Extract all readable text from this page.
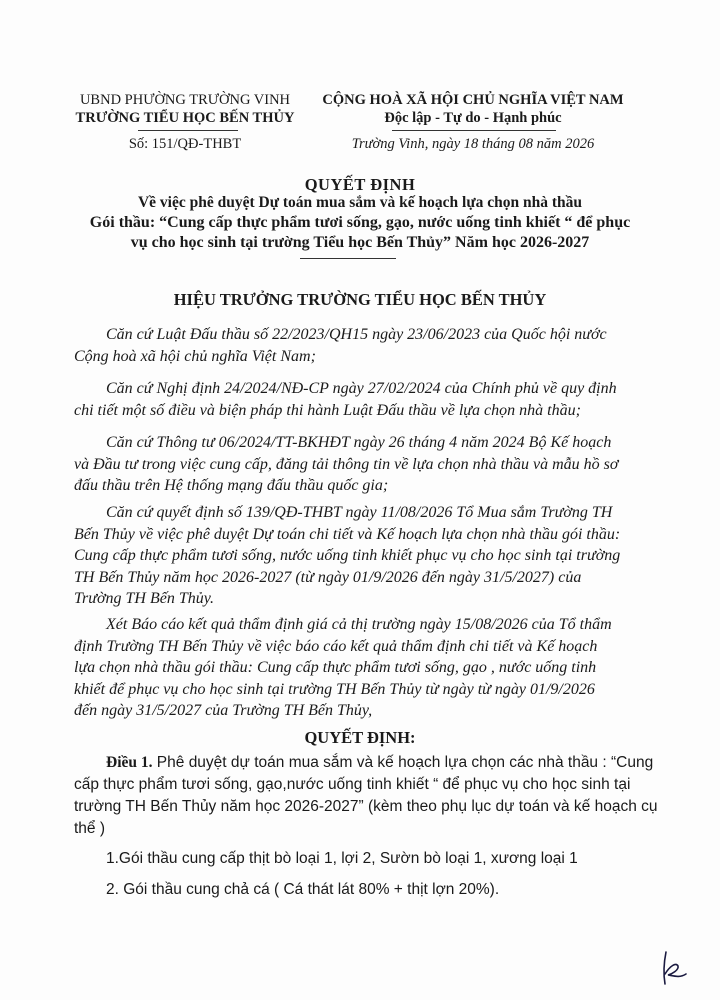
UBND PHƯỜNG TRƯỜNG VINH
TRƯỜNG TIỂU HỌC BẾN THỦY
Số: 151/QĐ-THBT
CỘNG HOÀ XÃ HỘI CHỦ NGHĨA VIỆT NAM
Độc lập - Tự do - Hạnh phúc
Trường Vinh, ngày 18 tháng 08 năm 2026
QUYẾT ĐỊNH
Về việc phê duyệt Dự toán mua sắm và kế hoạch lựa chọn nhà thầu
Gói thầu: “Cung cấp thực phẩm tươi sống, gạo, nước uống tinh khiết “ để phục
vụ cho học sinh tại trường Tiểu học Bến Thủy” Năm học 2026-2027
HIỆU TRƯỞNG TRƯỜNG TIỂU HỌC BẾN THỦY
Căn cứ Luật Đấu thầu số 22/2023/QH15 ngày 23/06/2023 của Quốc hội nước
Cộng hoà xã hội chủ nghĩa Việt Nam;
Căn cứ Nghị định 24/2024/NĐ-CP ngày 27/02/2024 của Chính phủ về quy định
chi tiết một số điều và biện pháp thi hành Luật Đấu thầu về lựa chọn nhà thầu;
Căn cứ Thông tư 06/2024/TT-BKHĐT ngày 26 tháng 4 năm 2024 Bộ Kế hoạch
và Đầu tư trong việc cung cấp, đăng tải thông tin về lựa chọn nhà thầu và mẫu hồ sơ
đấu thầu trên Hệ thống mạng đấu thầu quốc gia;
Căn cứ quyết định số 139/QĐ-THBT ngày 11/08/2026 Tổ Mua sắm Trường TH
Bến Thủy về việc phê duyệt Dự toán chi tiết và Kế hoạch lựa chọn nhà thầu gói thầu:
Cung cấp thực phẩm tươi sống, nước uống tinh khiết phục vụ cho học sinh tại trường
TH Bến Thủy năm học 2026-2027 (từ ngày 01/9/2026 đến ngày 31/5/2027) của
Trường TH Bến Thủy.
Xét Báo cáo kết quả thẩm định giá cả thị trường ngày 15/08/2026 của Tổ thẩm
định Trường TH Bến Thủy về việc báo cáo kết quả thẩm định chi tiết và Kế hoạch
lựa chọn nhà thầu gói thầu: Cung cấp thực phẩm tươi sống, gạo , nước uống tinh
khiết để phục vụ cho học sinh tại trường TH Bến Thủy từ ngày từ ngày 01/9/2026
đến ngày 31/5/2027 của Trường TH Bến Thủy,
QUYẾT ĐỊNH:
Điều 1. Phê duyệt dự toán mua sắm và kế hoạch lựa chọn các nhà thầu : “Cung
cấp thực phẩm tươi sống, gạo,nước uống tinh khiết “ để phục vụ cho học sinh tại
trường TH Bến Thủy năm học 2026-2027” (kèm theo phụ lục dự toán và kế hoạch cụ
thể )
1.Gói thầu cung cấp thịt bò loại 1, lợi 2, Sườn bò loại 1, xương loại 1
2. Gói thầu cung chả cá ( Cá thát lát 80% + thịt lợn 20%).
